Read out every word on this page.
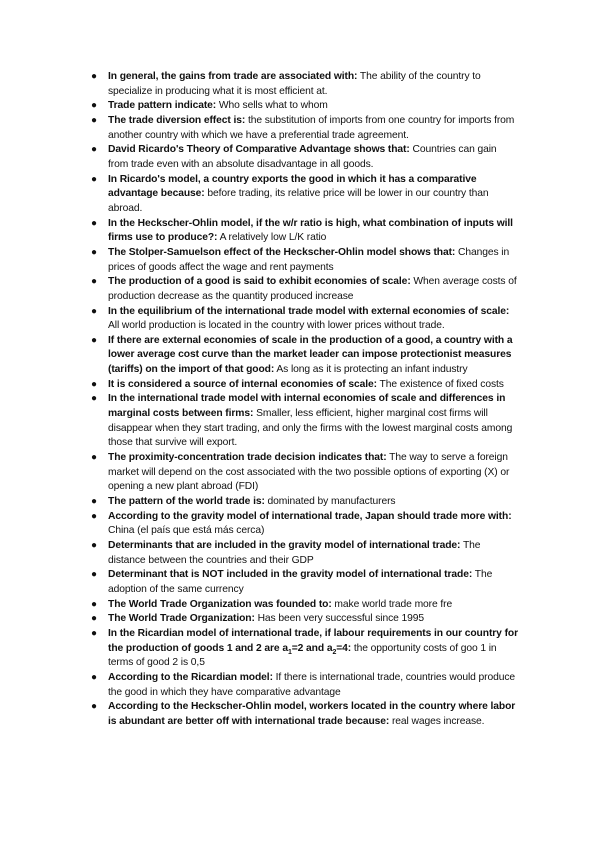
●	In general, the gains from trade are associated with: The ability of the country to specialize in producing what it is most efficient at.
●	Trade pattern indicate: Who sells what to whom
●	The trade diversion effect is: the substitution of imports from one country for imports from another country with which we have a preferential trade agreement.
●	David Ricardo's Theory of Comparative Advantage shows that: Countries can gain from trade even with an absolute disadvantage in all goods.
●	In Ricardo's model, a country exports the good in which it has a comparative advantage because: before trading, its relative price will be lower in our country than abroad.
●	In the Heckscher-Ohlin model, if the w/r ratio is high, what combination of inputs will firms use to produce?: A relatively low L/K ratio
●	The Stolper-Samuelson effect of the Heckscher-Ohlin model shows that: Changes in prices of goods affect the wage and rent payments
●	The production of a good is said to exhibit economies of scale: When average costs of production decrease as the quantity produced increase
●	In the equilibrium of the international trade model with external economies of scale: All world production is located in the country with lower prices without trade.
●	If there are external economies of scale in the production of a good, a country with a lower average cost curve than the market leader can impose protectionist measures (tariffs) on the import of that good: As long as it is protecting an infant industry
●	It is considered a source of internal economies of scale: The existence of fixed costs
●	In the international trade model with internal economies of scale and differences in marginal costs between firms: Smaller, less efficient, higher marginal cost firms will disappear when they start trading, and only the firms with the lowest marginal costs among those that survive will export.
●	The proximity-concentration trade decision indicates that: The way to serve a foreign market will depend on the cost associated with the two possible options of exporting (X) or opening a new plant abroad (FDI)
●	The pattern of the world trade is: dominated by manufacturers
●	According to the gravity model of international trade, Japan should trade more with: China (el país que está más cerca)
●	Determinants that are included in the gravity model of international trade: The distance between the countries and their GDP
●	Determinant that is NOT included in the gravity model of international trade: The adoption of the same currency
●	The World Trade Organization was founded to: make world trade more fre
●	The World Trade Organization: Has been very successful since 1995
●	In the Ricardian model of international trade, if labour requirements in our country for the production of goods 1 and 2 are $a_1=2$ and $a_2=4$: the opportunity costs of goo 1 in terms of good 2 is 0,5
●	According to the Ricardian model: If there is international trade, countries would produce the good in which they have comparative advantage
●	According to the Heckscher-Ohlin model, workers located in the country where labor is abundant are better off with international trade because: real wages increase.
